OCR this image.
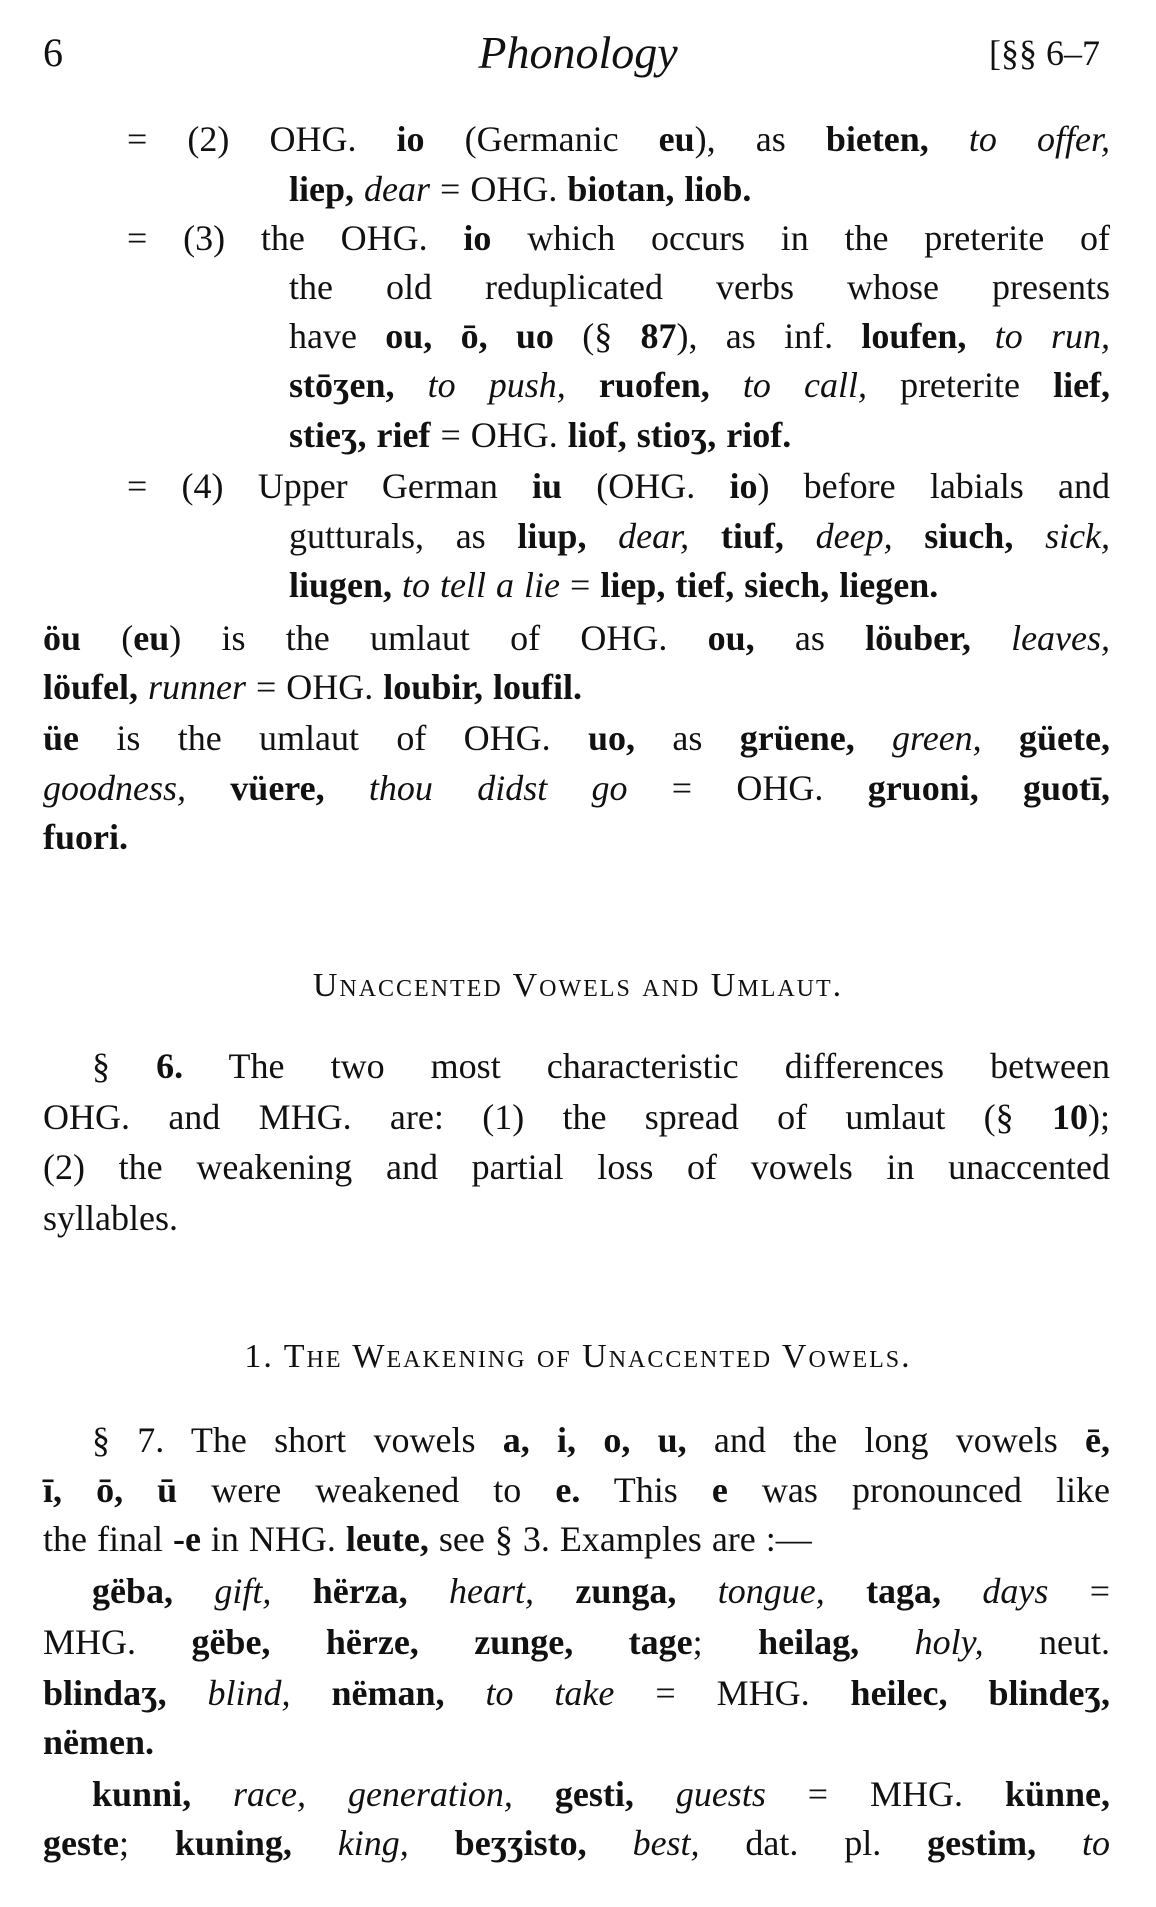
6	Phonology	[§§ 6–7
Unaccented Vowels and Umlaut.
1. The Weakening of Unaccented Vowels.
= (2) OHG. io (Germanic eu), as bieten, to offer,
liep, dear = OHG. biotan, liob.
= (3) the OHG. io which occurs in the preterite of
the old reduplicated verbs whose presents
have ou, ō, uo (§ 87), as inf. loufen, to run,
stōʒen, to push, ruofen, to call, preterite lief,
stieʒ, rief = OHG. liof, stioʒ, riof.
= (4) Upper German iu (OHG. io) before labials and
gutturals, as liup, dear, tiuf, deep, siuch, sick,
liugen, to tell a lie = liep, tief, siech, liegen.
öu (eu) is the umlaut of OHG. ou, as löuber, leaves,
löufel, runner = OHG. loubir, loufil.
üe is the umlaut of OHG. uo, as grüene, green, güete,
goodness, vüere, thou didst go = OHG. gruoni, guotī,
fuori.
§ 6. The two most characteristic differences between
OHG. and MHG. are: (1) the spread of umlaut (§ 10);
(2) the weakening and partial loss of vowels in unaccented
syllables.
§ 7. The short vowels a, i, o, u, and the long vowels ē,
ī, ō, ū were weakened to e. This e was pronounced like
the final -e in NHG. leute, see § 3. Examples are :—
gëba, gift, hërza, heart, zunga, tongue, taga, days =
MHG. gëbe, hërze, zunge, tage; heilag, holy, neut.
blindaʒ, blind, nëman, to take = MHG. heilec, blindeʒ,
nëmen.
kunni, race, generation, gesti, guests = MHG. künne,
geste; kuning, king, beʒʒisto, best, dat. pl. gestim, to
